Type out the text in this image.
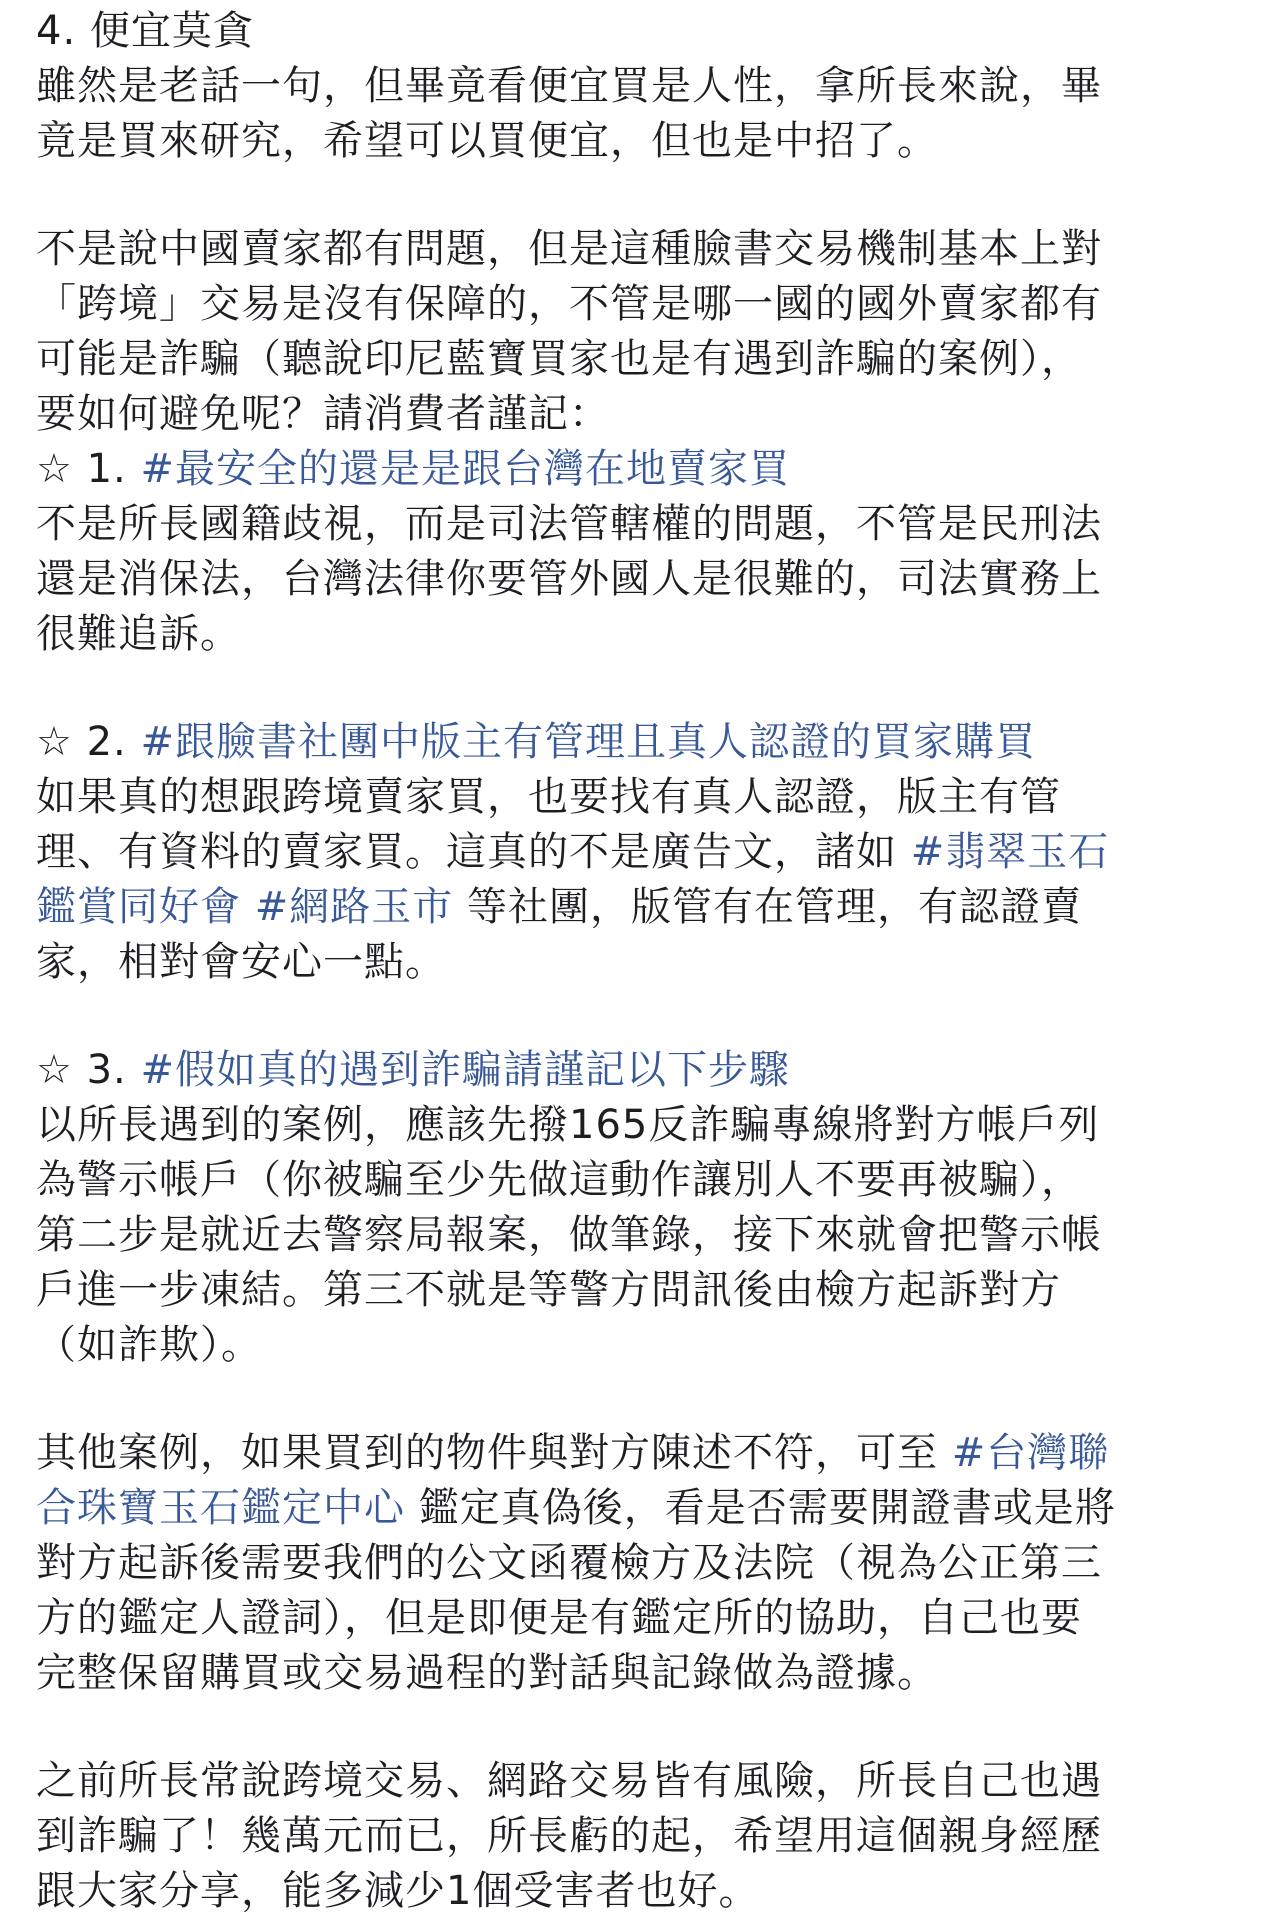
4. 便宜莫貪
雖然是老話一句，但畢竟看便宜買是人性，拿所長來說，畢
竟是買來研究，希望可以買便宜，但也是中招了。
不是說中國賣家都有問題，但是這種臉書交易機制基本上對
「跨境」交易是沒有保障的，不管是哪一國的國外賣家都有
可能是詐騙（聽說印尼藍寶買家也是有遇到詐騙的案例），
要如何避免呢？請消費者謹記：
☆ 1. #最安全的還是是跟台灣在地賣家買
不是所長國籍歧視，而是司法管轄權的問題，不管是民刑法
還是消保法，台灣法律你要管外國人是很難的，司法實務上
很難追訴。
☆ 2. #跟臉書社團中版主有管理且真人認證的買家購買
如果真的想跟跨境賣家買，也要找有真人認證，版主有管
理、有資料的賣家買。這真的不是廣告文，諸如 #翡翠玉石
鑑賞同好會 #網路玉市 等社團，版管有在管理，有認證賣
家，相對會安心一點。
☆ 3. #假如真的遇到詐騙請謹記以下步驟
以所長遇到的案例，應該先撥165反詐騙專線將對方帳戶列
為警示帳戶（你被騙至少先做這動作讓別人不要再被騙），
第二步是就近去警察局報案，做筆錄，接下來就會把警示帳
戶進一步凍結。第三不就是等警方問訊後由檢方起訴對方
（如詐欺）。
其他案例，如果買到的物件與對方陳述不符，可至 #台灣聯
合珠寶玉石鑑定中心 鑑定真偽後，看是否需要開證書或是將
對方起訴後需要我們的公文函覆檢方及法院（視為公正第三
方的鑑定人證詞），但是即便是有鑑定所的協助，自己也要
完整保留購買或交易過程的對話與記錄做為證據。
之前所長常說跨境交易、網路交易皆有風險，所長自己也遇
到詐騙了！幾萬元而已，所長虧的起，希望用這個親身經歷
跟大家分享，能多減少1個受害者也好。
